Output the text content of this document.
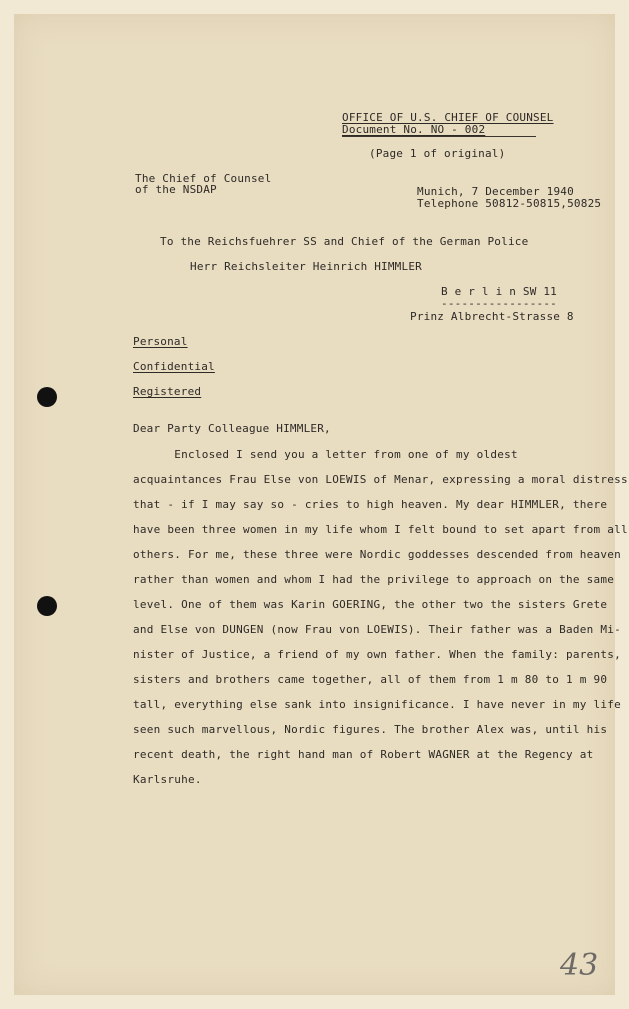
OFFICE OF U.S. CHIEF OF COUNSEL
Document No. NO - 002
(Page 1 of original)
The Chief of Counsel
of the NSDAP	Munich, 7 December 1940
Telephone 50812-50815,50825
To the Reichsfuehrer SS and Chief of the German Police
Herr Reichsleiter Heinrich HIMMLER
B e r l i n SW 11
-----------------
Prinz Albrecht-Strasse 8
Personal
Confidential
Registered
Dear Party Colleague HIMMLER,
Enclosed I send you a letter from one of my oldest
acquaintances Frau Else von LOEWIS of Menar, expressing a moral distress
that - if I may say so - cries to high heaven. My dear HIMMLER, there
have been three women in my life whom I felt bound to set apart from all
others. For me, these three were Nordic goddesses descended from heaven
rather than women and whom I had the privilege to approach on the same
level. One of them was Karin GOERING, the other two the sisters Grete
and Else von DUNGEN (now Frau von LOEWIS). Their father was a Baden Mi-
nister of Justice, a friend of my own father. When the family: parents,
sisters and brothers came together, all of them from 1 m 80 to 1 m 90
tall, everything else sank into insignificance. I have never in my life
seen such marvellous, Nordic figures. The brother Alex was, until his
recent death, the right hand man of Robert WAGNER at the Regency at
Karlsruhe.
43
